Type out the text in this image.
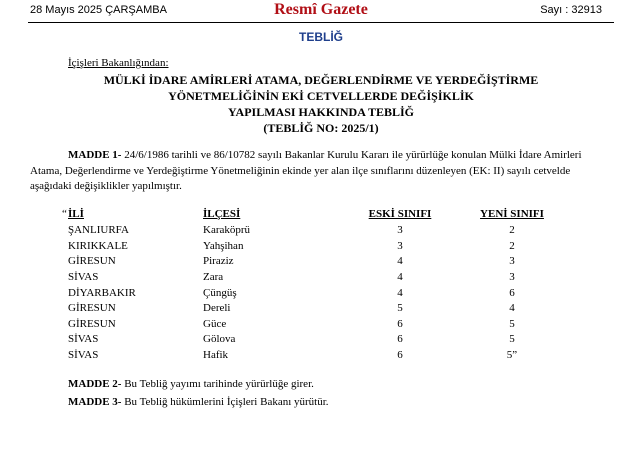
28 Mayıs 2025 ÇARŞAMBA	Resmî Gazete	Sayı : 32913
TEBLİĞ
İçişleri Bakanlığından:
MÜLKİ İDARE AMİRLERİ ATAMA, DEĞERLENDİRME VE YERDEĞİŞTİRME
YÖNETMELİĞİNİN EKİ CETVELLERDE DEĞİŞİKLİK
YAPILMASI HAKKINDA TEBLİĞ
(TEBLİĞ NO: 2025/1)
MADDE 1- 24/6/1986 tarihli ve 86/10782 sayılı Bakanlar Kurulu Kararı ile yürürlüğe konulan Mülki İdare Amirleri Atama, Değerlendirme ve Yerdeğiştirme Yönetmeliğinin ekinde yer alan ilçe sınıflarını düzenleyen (EK: II) sayılı cetvelde aşağıdaki değişiklikler yapılmıştır.
“ İLİ	İLÇESİ	ESKİ SINIFI	YENİ SINIFI
ŞANLIURFA	Karaköprü	3	2
KIRIKKALE	Yahşihan	3	2
GİRESUN	Piraziz	4	3
SİVAS	Zara	4	3
DİYARBAKIR	Çüngüş	4	6
GİRESUN	Dereli	5	4
GİRESUN	Güce	6	5
SİVAS	Gölova	6	5
SİVAS	Hafik	6	5”
MADDE 2- Bu Tebliğ yayımı tarihinde yürürlüğe girer.
MADDE 3- Bu Tebliğ hükümlerini İçişleri Bakanı yürütür.
